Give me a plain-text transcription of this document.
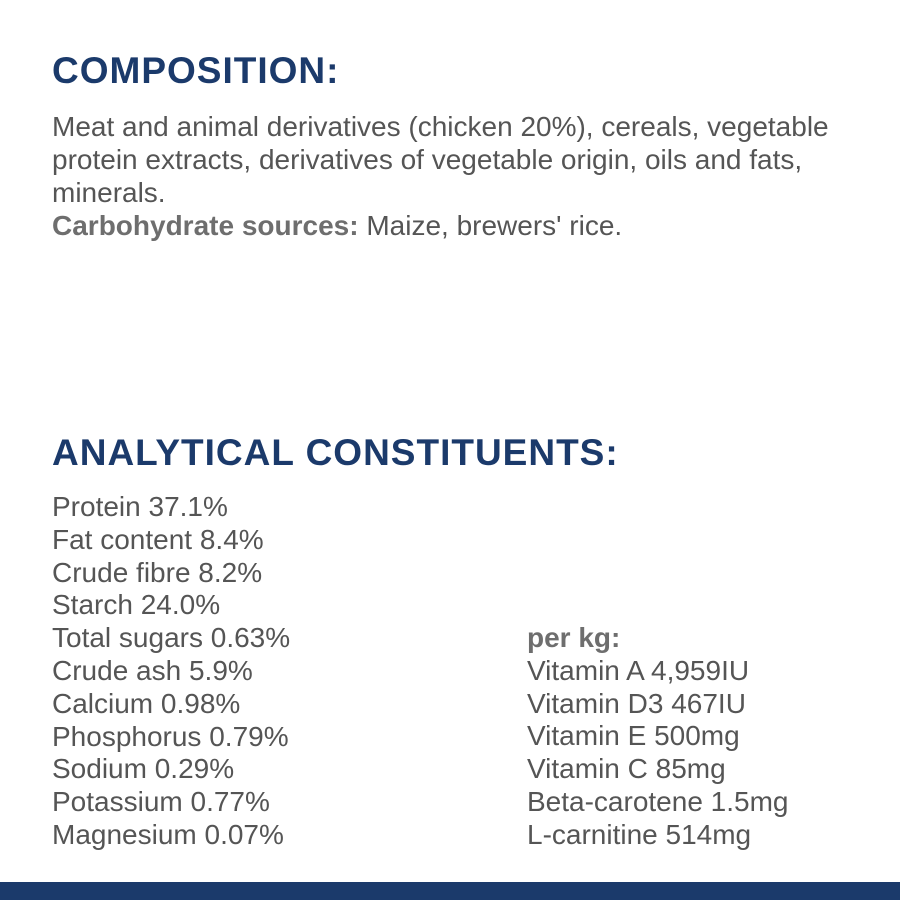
COMPOSITION:

Meat and animal derivatives (chicken 20%), cereals, vegetable protein extracts, derivatives of vegetable origin, oils and fats, minerals.

Carbohydrate sources: Maize, brewers' rice.

ANALYTICAL CONSTITUENTS:
Protein 37.1%
Fat content 8.4%
Crude fibre 8.2%
Starch 24.0%
Total sugars 0.63%
Crude ash 5.9%
Calcium 0.98%
Phosphorus 0.79%
Sodium 0.29%
Potassium 0.77%
Magnesium 0.07%

per kg:

Vitamin A 4,959IU
Vitamin D3 467IU
Vitamin E 500mg
Vitamin C 85mg
Beta-carotene 1.5mg
L-carnitine 514mg
